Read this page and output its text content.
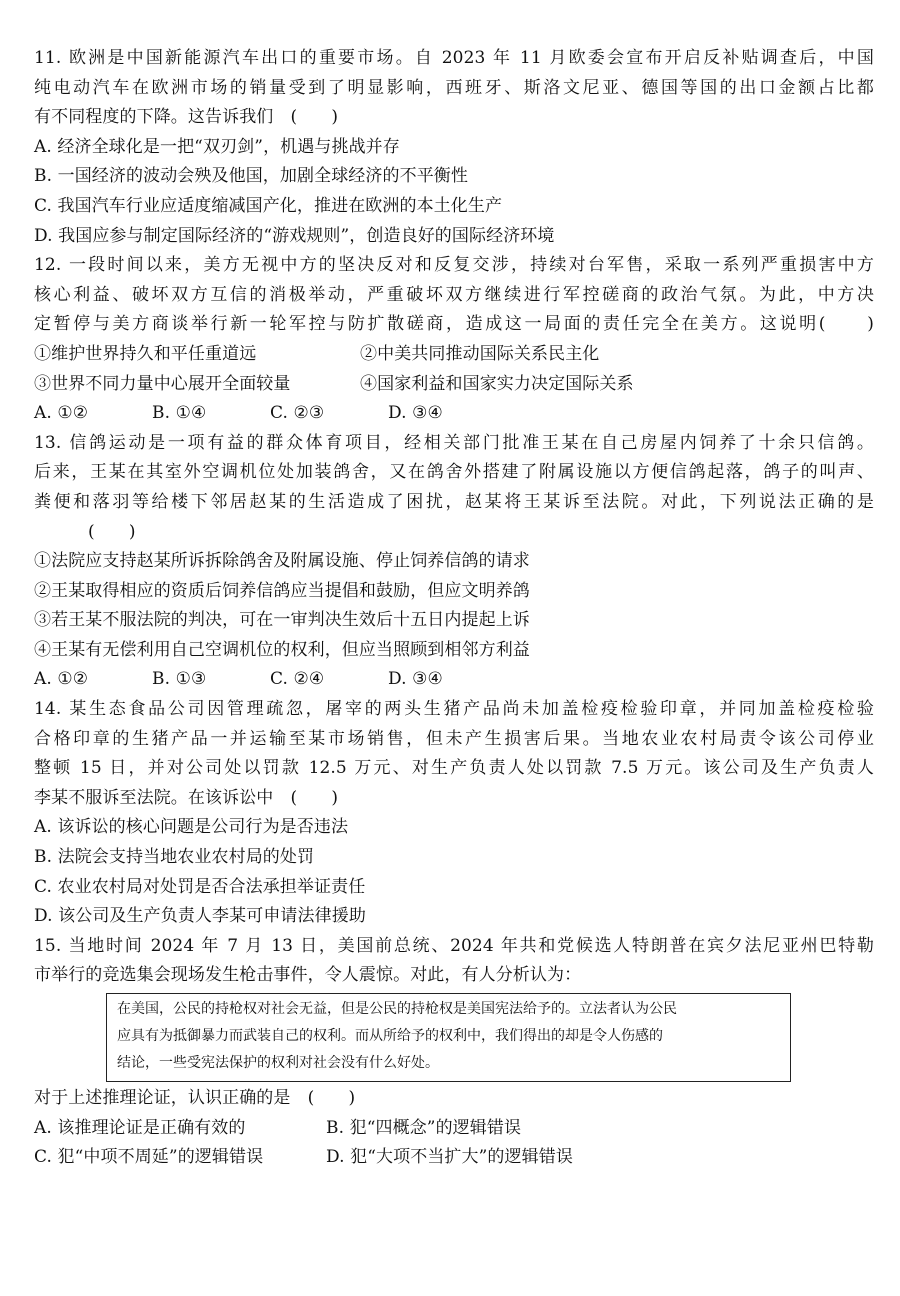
11. 欧洲是中国新能源汽车出口的重要市场。自 2023 年 11 月欧委会宣布开启反补贴调查后，中国
纯电动汽车在欧洲市场的销量受到了明显影响，西班牙、斯洛文尼亚、德国等国的出口金额占比都
有不同程度的下降。这告诉我们　(　　)
A. 经济全球化是一把“双刃剑”，机遇与挑战并存
B. 一国经济的波动会殃及他国，加剧全球经济的不平衡性
C. 我国汽车行业应适度缩减国产化，推进在欧洲的本土化生产
D. 我国应参与制定国际经济的“游戏规则”，创造良好的国际经济环境
12. 一段时间以来，美方无视中方的坚决反对和反复交涉，持续对台军售，采取一系列严重损害中方
核心利益、破坏双方互信的消极举动，严重破坏双方继续进行军控磋商的政治气氛。为此，中方决
定暂停与美方商谈举行新一轮军控与防扩散磋商，造成这一局面的责任完全在美方。这说明(　　)
①维护世界持久和平任重道远	②中美共同推动国际关系民主化
③世界不同力量中心展开全面较量	④国家利益和国家实力决定国际关系
A. ①②	B. ①④	C. ②③	D. ③④
13. 信鸽运动是一项有益的群众体育项目，经相关部门批准王某在自己房屋内饲养了十余只信鸽。
后来，王某在其室外空调机位处加装鸽舍，又在鸽舍外搭建了附属设施以方便信鸽起落，鸽子的叫声、
粪便和落羽等给楼下邻居赵某的生活造成了困扰，赵某将王某诉至法院。对此，下列说法正确的是
(　　)
①法院应支持赵某所诉拆除鸽舍及附属设施、停止饲养信鸽的请求
②王某取得相应的资质后饲养信鸽应当提倡和鼓励，但应文明养鸽
③若王某不服法院的判决，可在一审判决生效后十五日内提起上诉
④王某有无偿利用自己空调机位的权利，但应当照顾到相邻方利益
A. ①②	B. ①③	C. ②④	D. ③④
14. 某生态食品公司因管理疏忽，屠宰的两头生猪产品尚未加盖检疫检验印章，并同加盖检疫检验
合格印章的生猪产品一并运输至某市场销售，但未产生损害后果。当地农业农村局责令该公司停业
整顿 15 日，并对公司处以罚款 12.5 万元、对生产负责人处以罚款 7.5 万元。该公司及生产负责人
李某不服诉至法院。在该诉讼中　(　　)
A. 该诉讼的核心问题是公司行为是否违法
B. 法院会支持当地农业农村局的处罚
C. 农业农村局对处罚是否合法承担举证责任
D. 该公司及生产负责人李某可申请法律援助
15. 当地时间 2024 年 7 月 13 日，美国前总统、2024 年共和党候选人特朗普在宾夕法尼亚州巴特勒
市举行的竞选集会现场发生枪击事件，令人震惊。对此，有人分析认为：
在美国，公民的持枪权对社会无益，但是公民的持枪权是美国宪法给予的。立法者认为公民
应具有为抵御暴力而武装自己的权利。而从所给予的权利中，我们得出的却是令人伤感的
结论，一些受宪法保护的权利对社会没有什么好处。
对于上述推理论证，认识正确的是　(　　)
A. 该推理论证是正确有效的	B. 犯“四概念”的逻辑错误
C. 犯“中项不周延”的逻辑错误	D. 犯“大项不当扩大”的逻辑错误
